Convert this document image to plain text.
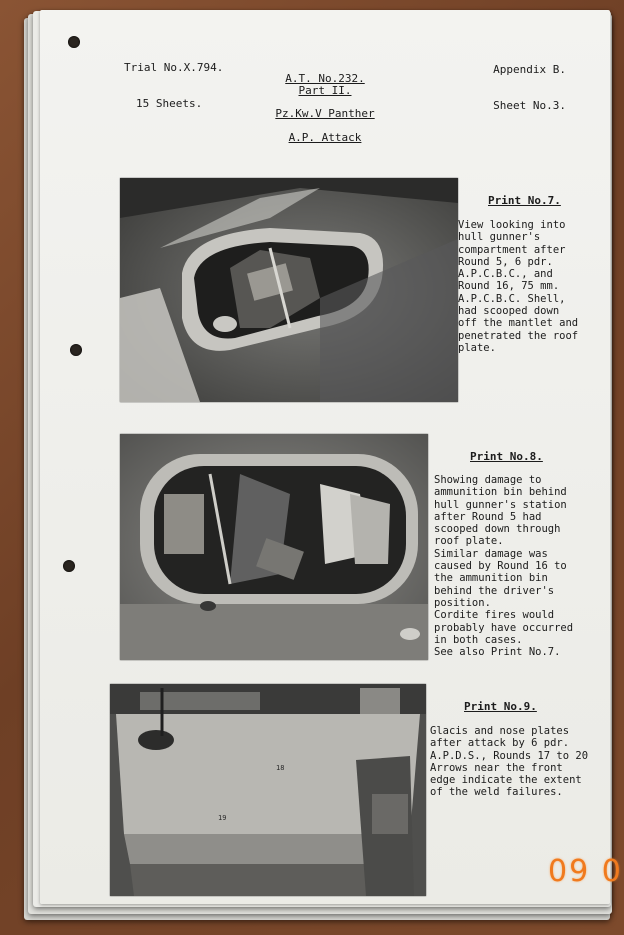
Trial No.X.794.

15 Sheets.

Appendix B.

Sheet No.3.

A.T. No.232.
Part II.
Pz.Kw.V Panther
A.P. Attack
Print No.7.
View looking into
hull gunner's
compartment after
Round 5, 6 pdr.
A.P.C.B.C., and
Round 16, 75 mm.
A.P.C.B.C. Shell,
had scooped down
off the mantlet and
penetrated the roof
plate.
Print No.8.
Showing damage to
ammunition bin behind
hull gunner's station
after Round 5 had
scooped down through
roof plate.
Similar damage was
caused by Round 16 to
the ammunition bin
behind the driver's
position.
Cordite fires would
probably have occurred
in both cases.
See also Print No.7.
18
19
Print No.9.
Glacis and nose plates
after attack by 6 pdr.
A.P.D.S., Rounds 17 to 20
Arrows near the front
edge indicate the extent
of the weld failures.
09 0
